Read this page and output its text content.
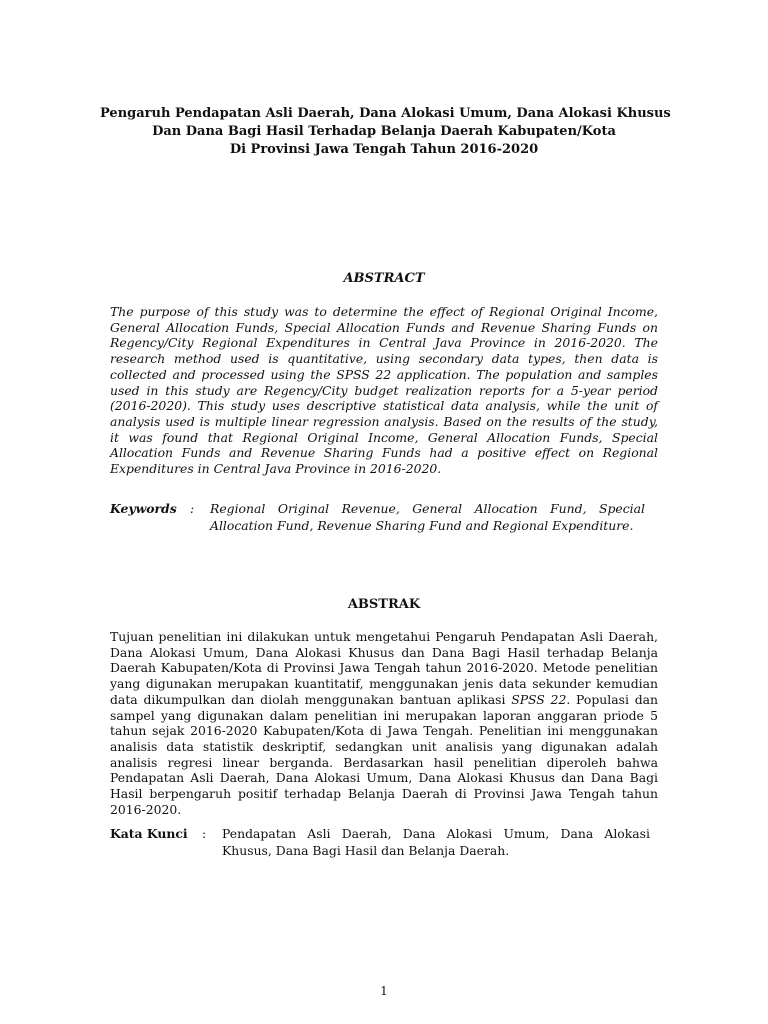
Pengaruh Pendapatan Asli Daerah, Dana Alokasi Umum, Dana Alokasi Khusus
Dan Dana Bagi Hasil Terhadap Belanja Daerah Kabupaten/Kota
Di Provinsi Jawa Tengah Tahun 2016-2020
ABSTRACT
The purpose of this study was to determine the effect of Regional Original Income, General Allocation Funds, Special Allocation Funds and Revenue Sharing Funds on Regency/City Regional Expenditures in Central Java Province in 2016-2020. The research method used is quantitative, using secondary data types, then data is collected and processed using the SPSS 22 application. The population and samples used in this study are Regency/City budget realization reports for a 5-year period (2016-2020). This study uses descriptive statistical data analysis, while the unit of analysis used is multiple linear regression analysis. Based on the results of the study, it was found that Regional Original Income, General Allocation Funds, Special Allocation Funds and Revenue Sharing Funds had a positive effect on Regional Expenditures in Central Java Province in 2016-2020.
Keywords : Regional Original Revenue, General Allocation Fund, Special Allocation Fund, Revenue Sharing Fund and Regional Expenditure.
ABSTRAK
Tujuan penelitian ini dilakukan untuk mengetahui Pengaruh Pendapatan Asli Daerah, Dana Alokasi Umum, Dana Alokasi Khusus dan Dana Bagi Hasil terhadap Belanja Daerah Kabupaten/Kota di Provinsi Jawa Tengah tahun 2016-2020. Metode penelitian yang digunakan merupakan kuantitatif, menggunakan jenis data sekunder kemudian data dikumpulkan dan diolah menggunakan bantuan aplikasi SPSS 22. Populasi dan sampel yang digunakan dalam penelitian ini merupakan laporan anggaran priode 5 tahun sejak 2016-2020 Kabupaten/Kota di Jawa Tengah. Penelitian ini menggunakan analisis data statistik deskriptif, sedangkan unit analisis yang digunakan adalah analisis regresi linear berganda. Berdasarkan hasil penelitian diperoleh bahwa Pendapatan Asli Daerah, Dana Alokasi Umum, Dana Alokasi Khusus dan Dana Bagi Hasil berpengaruh positif terhadap Belanja Daerah di Provinsi Jawa Tengah tahun 2016-2020.
Kata Kunci : Pendapatan Asli Daerah, Dana Alokasi Umum, Dana Alokasi Khusus, Dana Bagi Hasil dan Belanja Daerah.
1
